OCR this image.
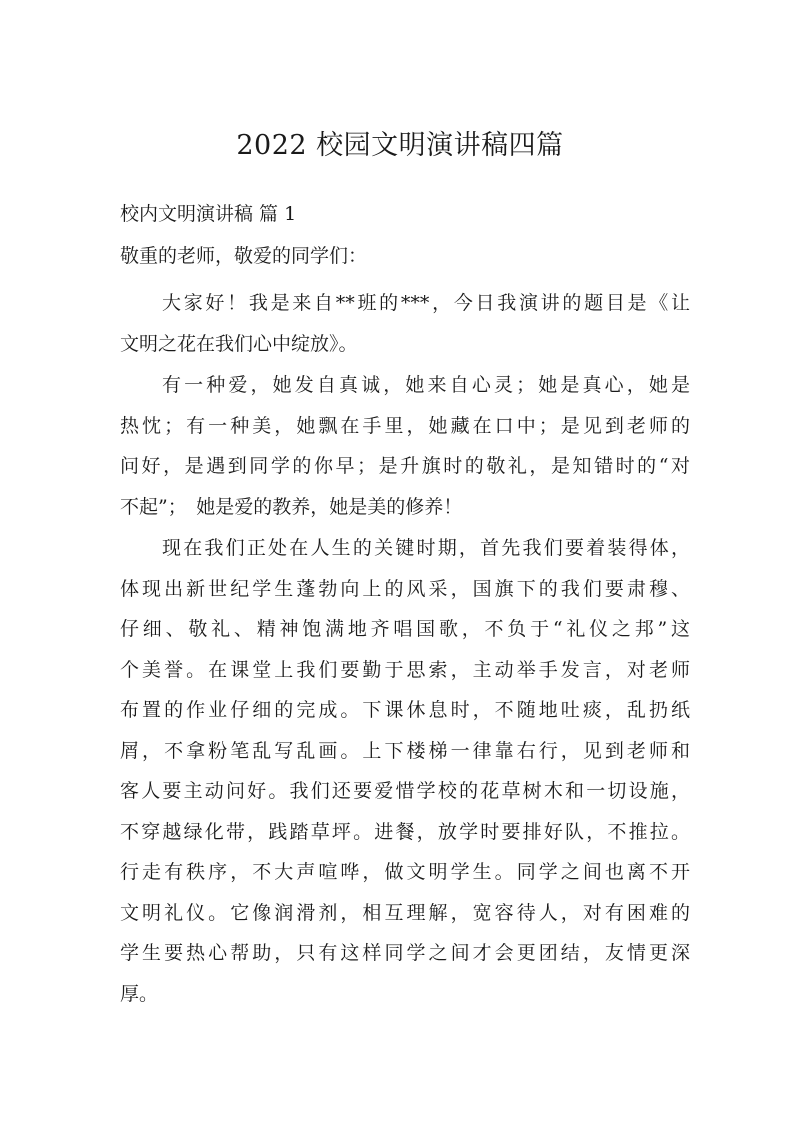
2022 校园文明演讲稿四篇
校内文明演讲稿 篇 1
敬重的老师，敬爱的同学们：
大家好！我是来自**班的***，今日我演讲的题目是《让
文明之花在我们心中绽放》。
有一种爱，她发自真诚，她来自心灵；她是真心，她是
热忱；有一种美，她飘在手里，她藏在口中；是见到老师的
问好，是遇到同学的你早；是升旗时的敬礼，是知错时的“对
不起”；　她是爱的教养，她是美的修养！
现在我们正处在人生的关键时期，首先我们要着装得体，
体现出新世纪学生蓬勃向上的风采，国旗下的我们要肃穆、
仔细、敬礼、精神饱满地齐唱国歌，不负于“礼仪之邦”这
个美誉。在课堂上我们要勤于思索，主动举手发言，对老师
布置的作业仔细的完成。下课休息时，不随地吐痰，乱扔纸
屑，不拿粉笔乱写乱画。上下楼梯一律靠右行，见到老师和
客人要主动问好。我们还要爱惜学校的花草树木和一切设施，
不穿越绿化带，践踏草坪。进餐，放学时要排好队，不推拉。
行走有秩序，不大声喧哗，做文明学生。同学之间也离不开
文明礼仪。它像润滑剂，相互理解，宽容待人，对有困难的
学生要热心帮助，只有这样同学之间才会更团结，友情更深
厚。
